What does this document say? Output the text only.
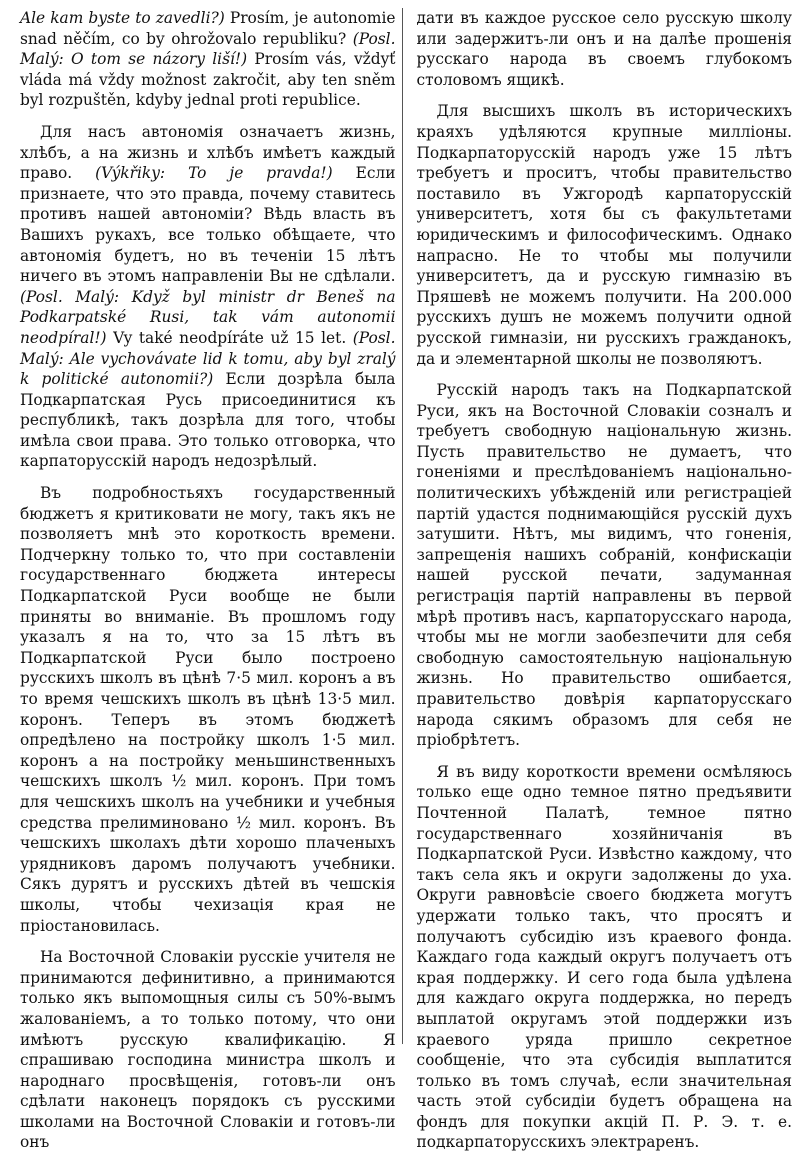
Ale kam byste to zavedli?) Prosím, je autonomie snad něčím, co by ohrožovalo republiku? (Posl. Malý: O tom se názory liší!) Prosím vás, vždyť vláda má vždy možnost zakročit, aby ten sněm byl rozpuštěn, kdyby jednal proti republice.

Для насъ автономія означаетъ жизнь, хлѣбъ, а на жизнь и хлѣбъ имѣетъ каждый право. (Výkřiky: To je pravda!) Если признаете, что это правда, почему ставитесь противъ нашей автономіи? Вѣдь власть въ Вашихъ рукахъ, все только обѣщаете, что автономія будетъ, но въ теченіи 15 лѣтъ ничего въ этомъ направленіи Вы не сдѣлали. (Posl. Malý: Když byl ministr dr Beneš na Podkarpatské Rusi, tak vám autonomii neodpíral!) Vy také neodpíráte už 15 let. (Posl. Malý: Ale vychovávate lid k tomu, aby byl zralý k politické autonomii?) Если дозрѣла была Подкарпатская Русь присоединитися къ республикѣ, такъ дозрѣла для того, чтобы имѣла свои права. Это только отговорка, что карпаторусскій народъ недозрѣлый.

Въ подробностьяхъ государственный бюджетъ я критиковати не могу, такъ якъ не позволяетъ мнѣ это короткость времени. Подчеркну только то, что при составленіи государственнаго бюджета интересы Подкарпатской Руси вообще не были приняты во вниманіе. Въ прошломъ году указалъ я на то, что за 15 лѣтъ въ Подкарпатской Руси было построено русскихъ школъ въ цѣнѣ 7·5 мил. коронъ а въ то время чешскихъ школъ въ цѣнѣ 13·5 мил. коронъ. Теперъ въ этомъ бюджетѣ опредѣлено на постройку школъ 1·5 мил. коронъ а на постройку меньшинственныхъ чешскихъ школъ ½ мил. коронъ. При томъ для чешскихъ школъ на учебники и учебныя средства прелиминовано ½ мил. коронъ. Въ чешскихъ школахъ дѣти хорошо плаченыхъ урядниковъ даромъ получаютъ учебники. Сякъ дурятъ и русскихъ дѣтей въ чешскія школы, чтобы чехизація края не пріостановилась.

На Восточной Словакіи русскіе учителя не принимаются дефинитивно, а принимаются только якъ выпомощныя силы съ 50%-вымъ жалованіемъ, а то только потому, что они имѣютъ русскую квалификацію. Я спрашиваю господина министра школъ и народнаго просвѣщенія, готовъ-ли онъ сдѣлати наконецъ порядокъ съ русскими школами на Восточной Словакіи и готовъ-ли онъ

дати въ каждое русское село русскую школу или задержитъ-ли онъ и на далѣе прошенія русскаго народа въ своемъ глубокомъ столовомъ ящикѣ.

Для высшихъ школъ въ историческихъ краяхъ удѣляются крупные милліоны. Подкарпаторусскій народъ уже 15 лѣтъ требуетъ и проситъ, чтобы правительство поставило въ Ужгородѣ карпаторусскій университетъ, хотя бы съ факультетами юридическимъ и философическимъ. Однако напрасно. Не то чтобы мы получили университетъ, да и русскую гимназію въ Пряшевѣ не можемъ получити. На 200.000 русскихъ душъ не можемъ получити одной русской гимназіи, ни русскихъ гражданокъ, да и элементарной школы не позволяютъ.

Русскій народъ такъ на Подкарпатской Руси, якъ на Восточной Словакіи созналъ и требуетъ свободную національную жизнь. Пусть правительство не думаетъ, что гоненіями и преслѣдованіемъ національно-политическихъ убѣжденій или регистраціей партій удастся поднимающійся русскій духъ затушити. Нѣтъ, мы видимъ, что гоненія, запрещенія нашихъ собраній, конфискаціи нашей русской печати, задуманная регистрація партій направлены въ первой мѣрѣ противъ насъ, карпаторусскаго народа, чтобы мы не могли заобезпечити для себя свободную самостоятельную національную жизнь. Но правительство ошибается, правительство довѣрія карпаторусскаго народа сякимъ образомъ для себя не пріобрѣтетъ.

Я въ виду короткости времени осмѣляюсь только еще одно темное пятно предъявити Почтенной Палатѣ, темное пятно государственнаго хозяйничанія въ Подкарпатской Руси. Извѣстно каждому, что такъ села якъ и округи задолжены до уха. Округи равновѣсіе своего бюджета могутъ удержати только такъ, что просятъ и получаютъ субсидію изъ краевого фонда. Каждаго года каждый округъ получаетъ отъ края поддержку. И сего года была удѣлена для каждаго округа поддержка, но передъ выплатой округамъ этой поддержки изъ краевого уряда пришло секретное сообщеніе, что эта субсидія выплатится только въ томъ случаѣ, если значительная часть этой субсидіи будетъ обращена на фондъ для покупки акцій П. Р. Э. т. е. подкарпаторусскихъ электраренъ.
